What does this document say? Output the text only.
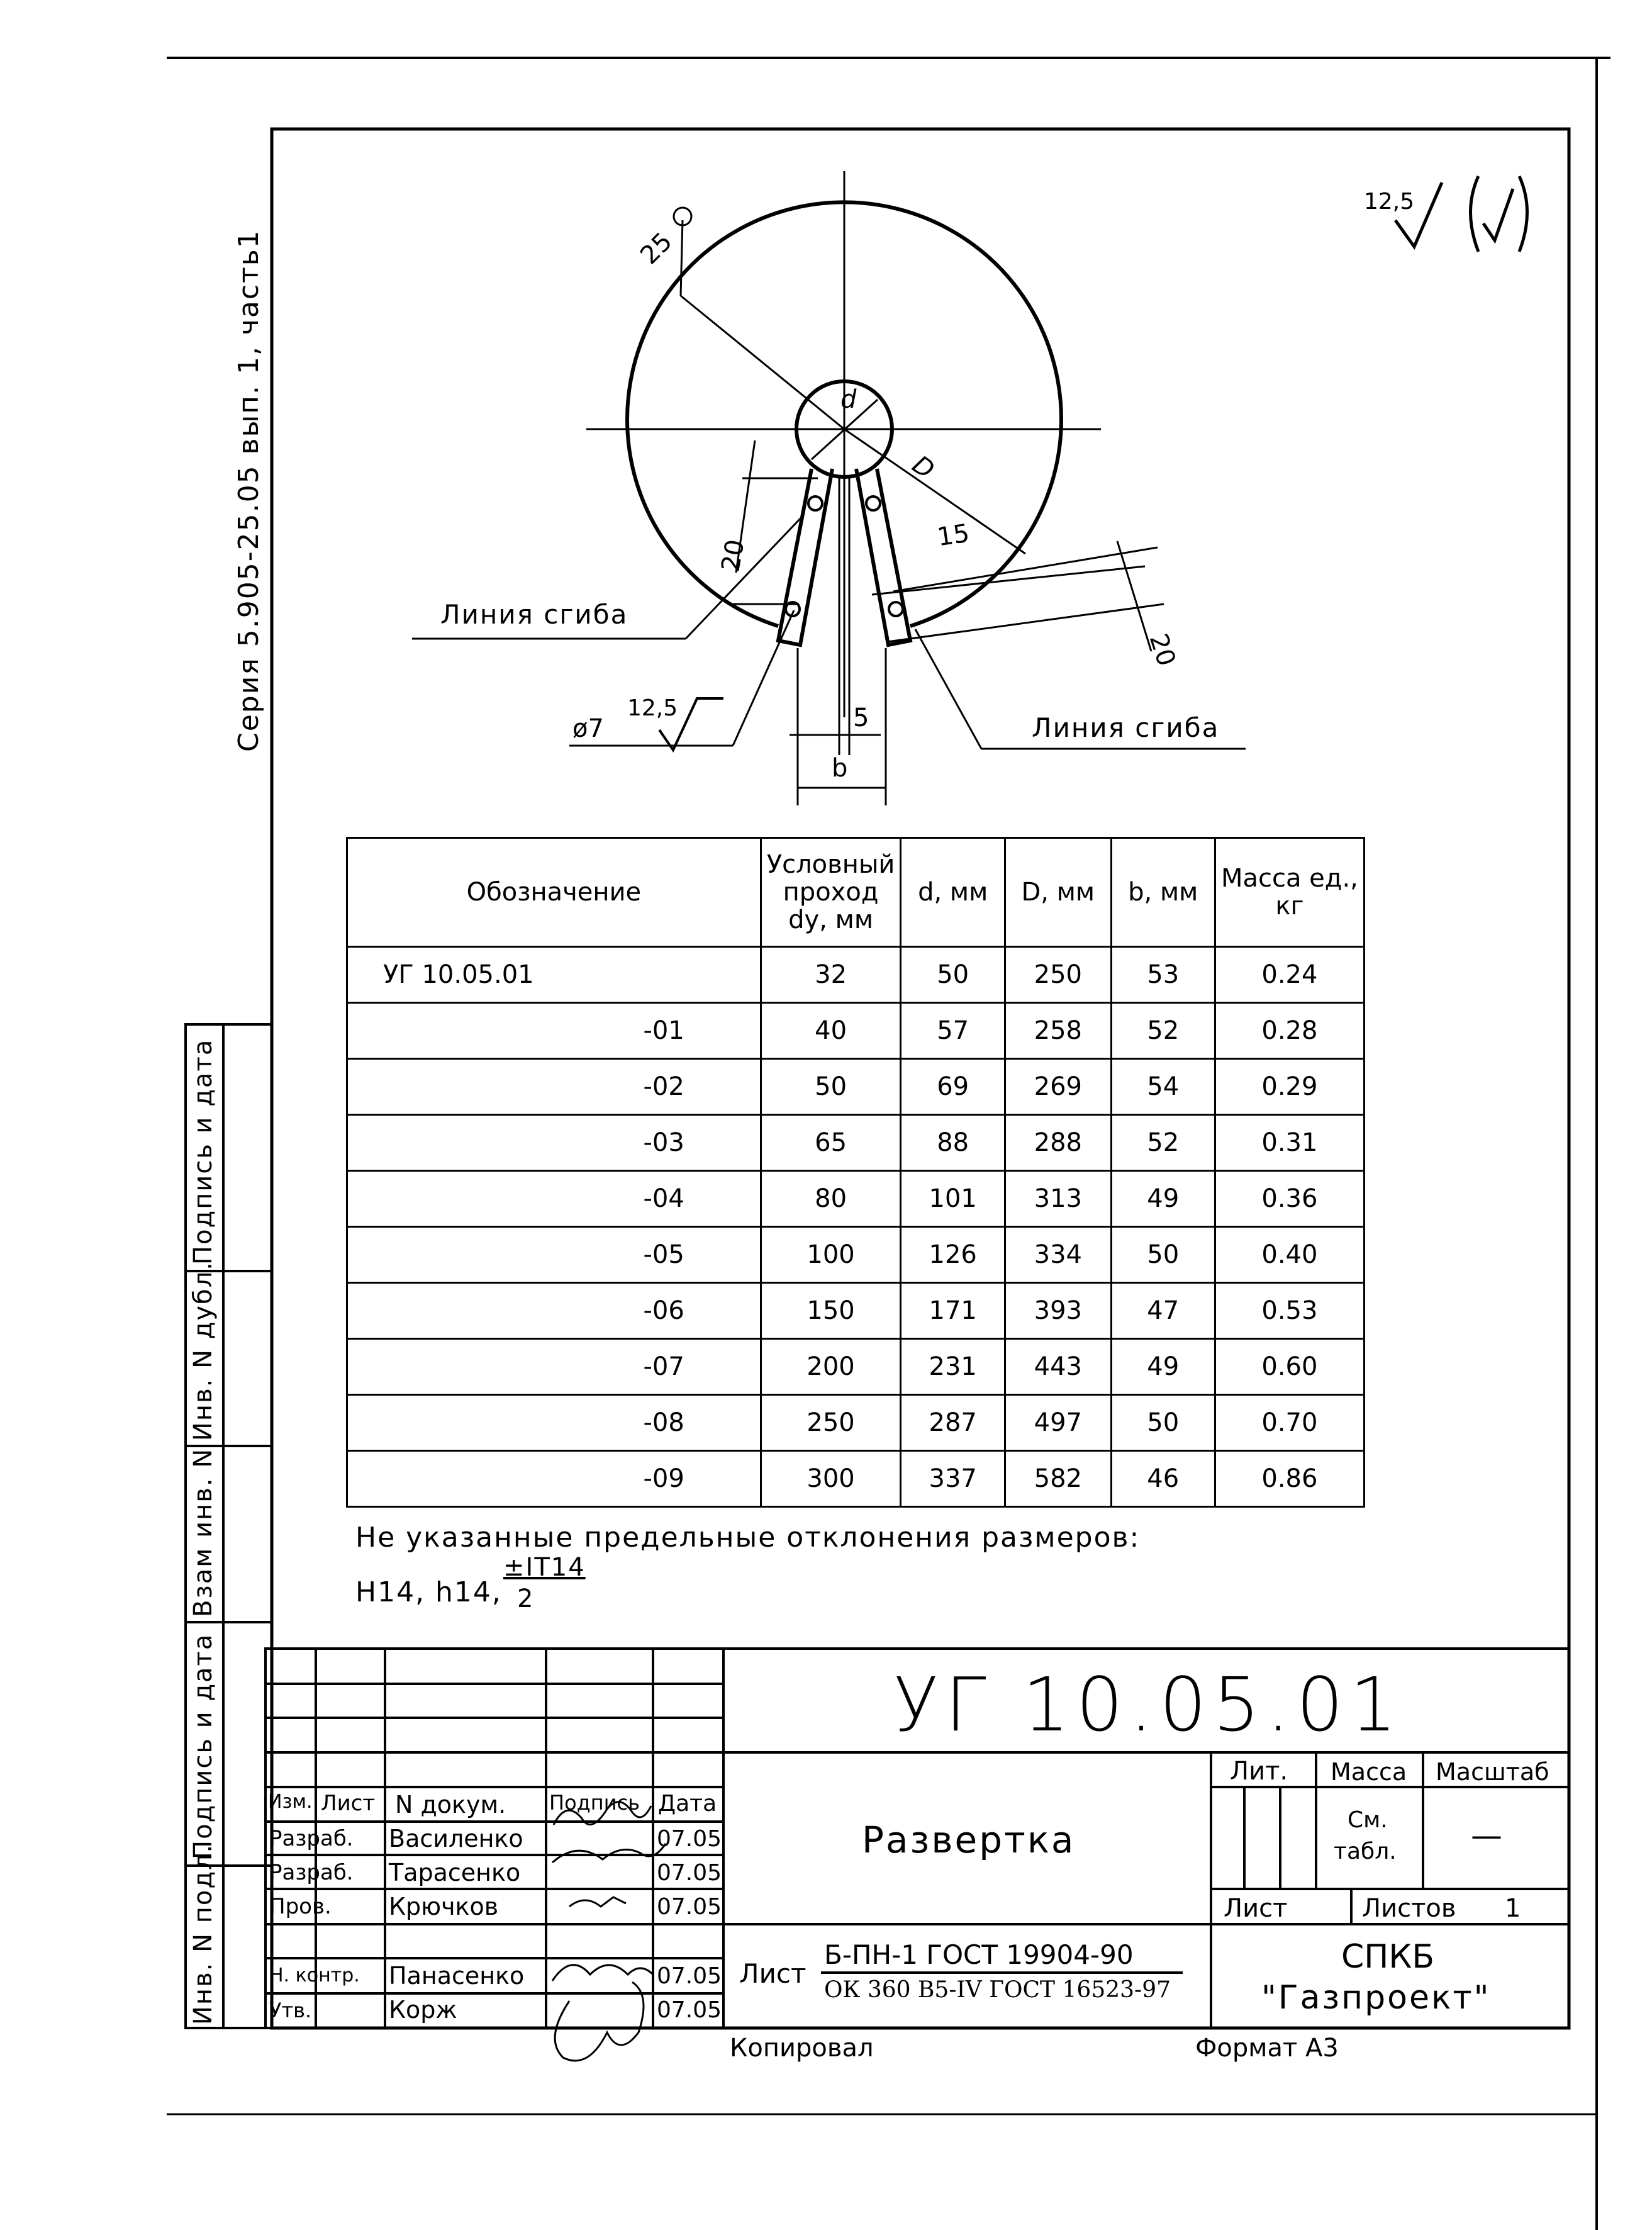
Серия 5.905-25.05 вып. 1, часть1
Подпись и дата
Инв. N дубл.
Взам инв. N
Подпись и дата
Инв. N подл.
12,5
12,5
25
d
D
15
20
20
5
b
ø7
Линия сгиба
Линия сгиба
Обозначение	Условный проход dy, мм	d, мм	D, мм	b, мм	Масса ед., кг
УГ 10.05.01	32	50	250	53	0.24
-01	40	57	258	52	0.28
-02	50	69	269	54	0.29
-03	65	88	288	52	0.31
-04	80	101	313	49	0.36
-05	100	126	334	50	0.40
-06	150	171	393	47	0.53
-07	200	231	443	49	0.60
-08	250	287	497	50	0.70
-09	300	337	582	46	0.86
Не указанные предельные отклонения размеров:
H14, h14,
±IT14
2
УГ 10.05.01
Развертка
Изм. Лист N докум. Подпись Дата
Разраб. Василенко	07.05
Разраб. Тарасенко	07.05
Пров. Крючков	07.05
Н. контр. Панасенко	07.05
Утв.	Корж	07.05
Лит. Масса Масштаб
См.
табл. —
Лист	Листов 1
Лист
Б-ПН-1 ГОСТ 19904-90
ОК 360 В5-IV ГОСТ 16523-97
СПКБ
"Газпроект"
Копировал	Формат А3
